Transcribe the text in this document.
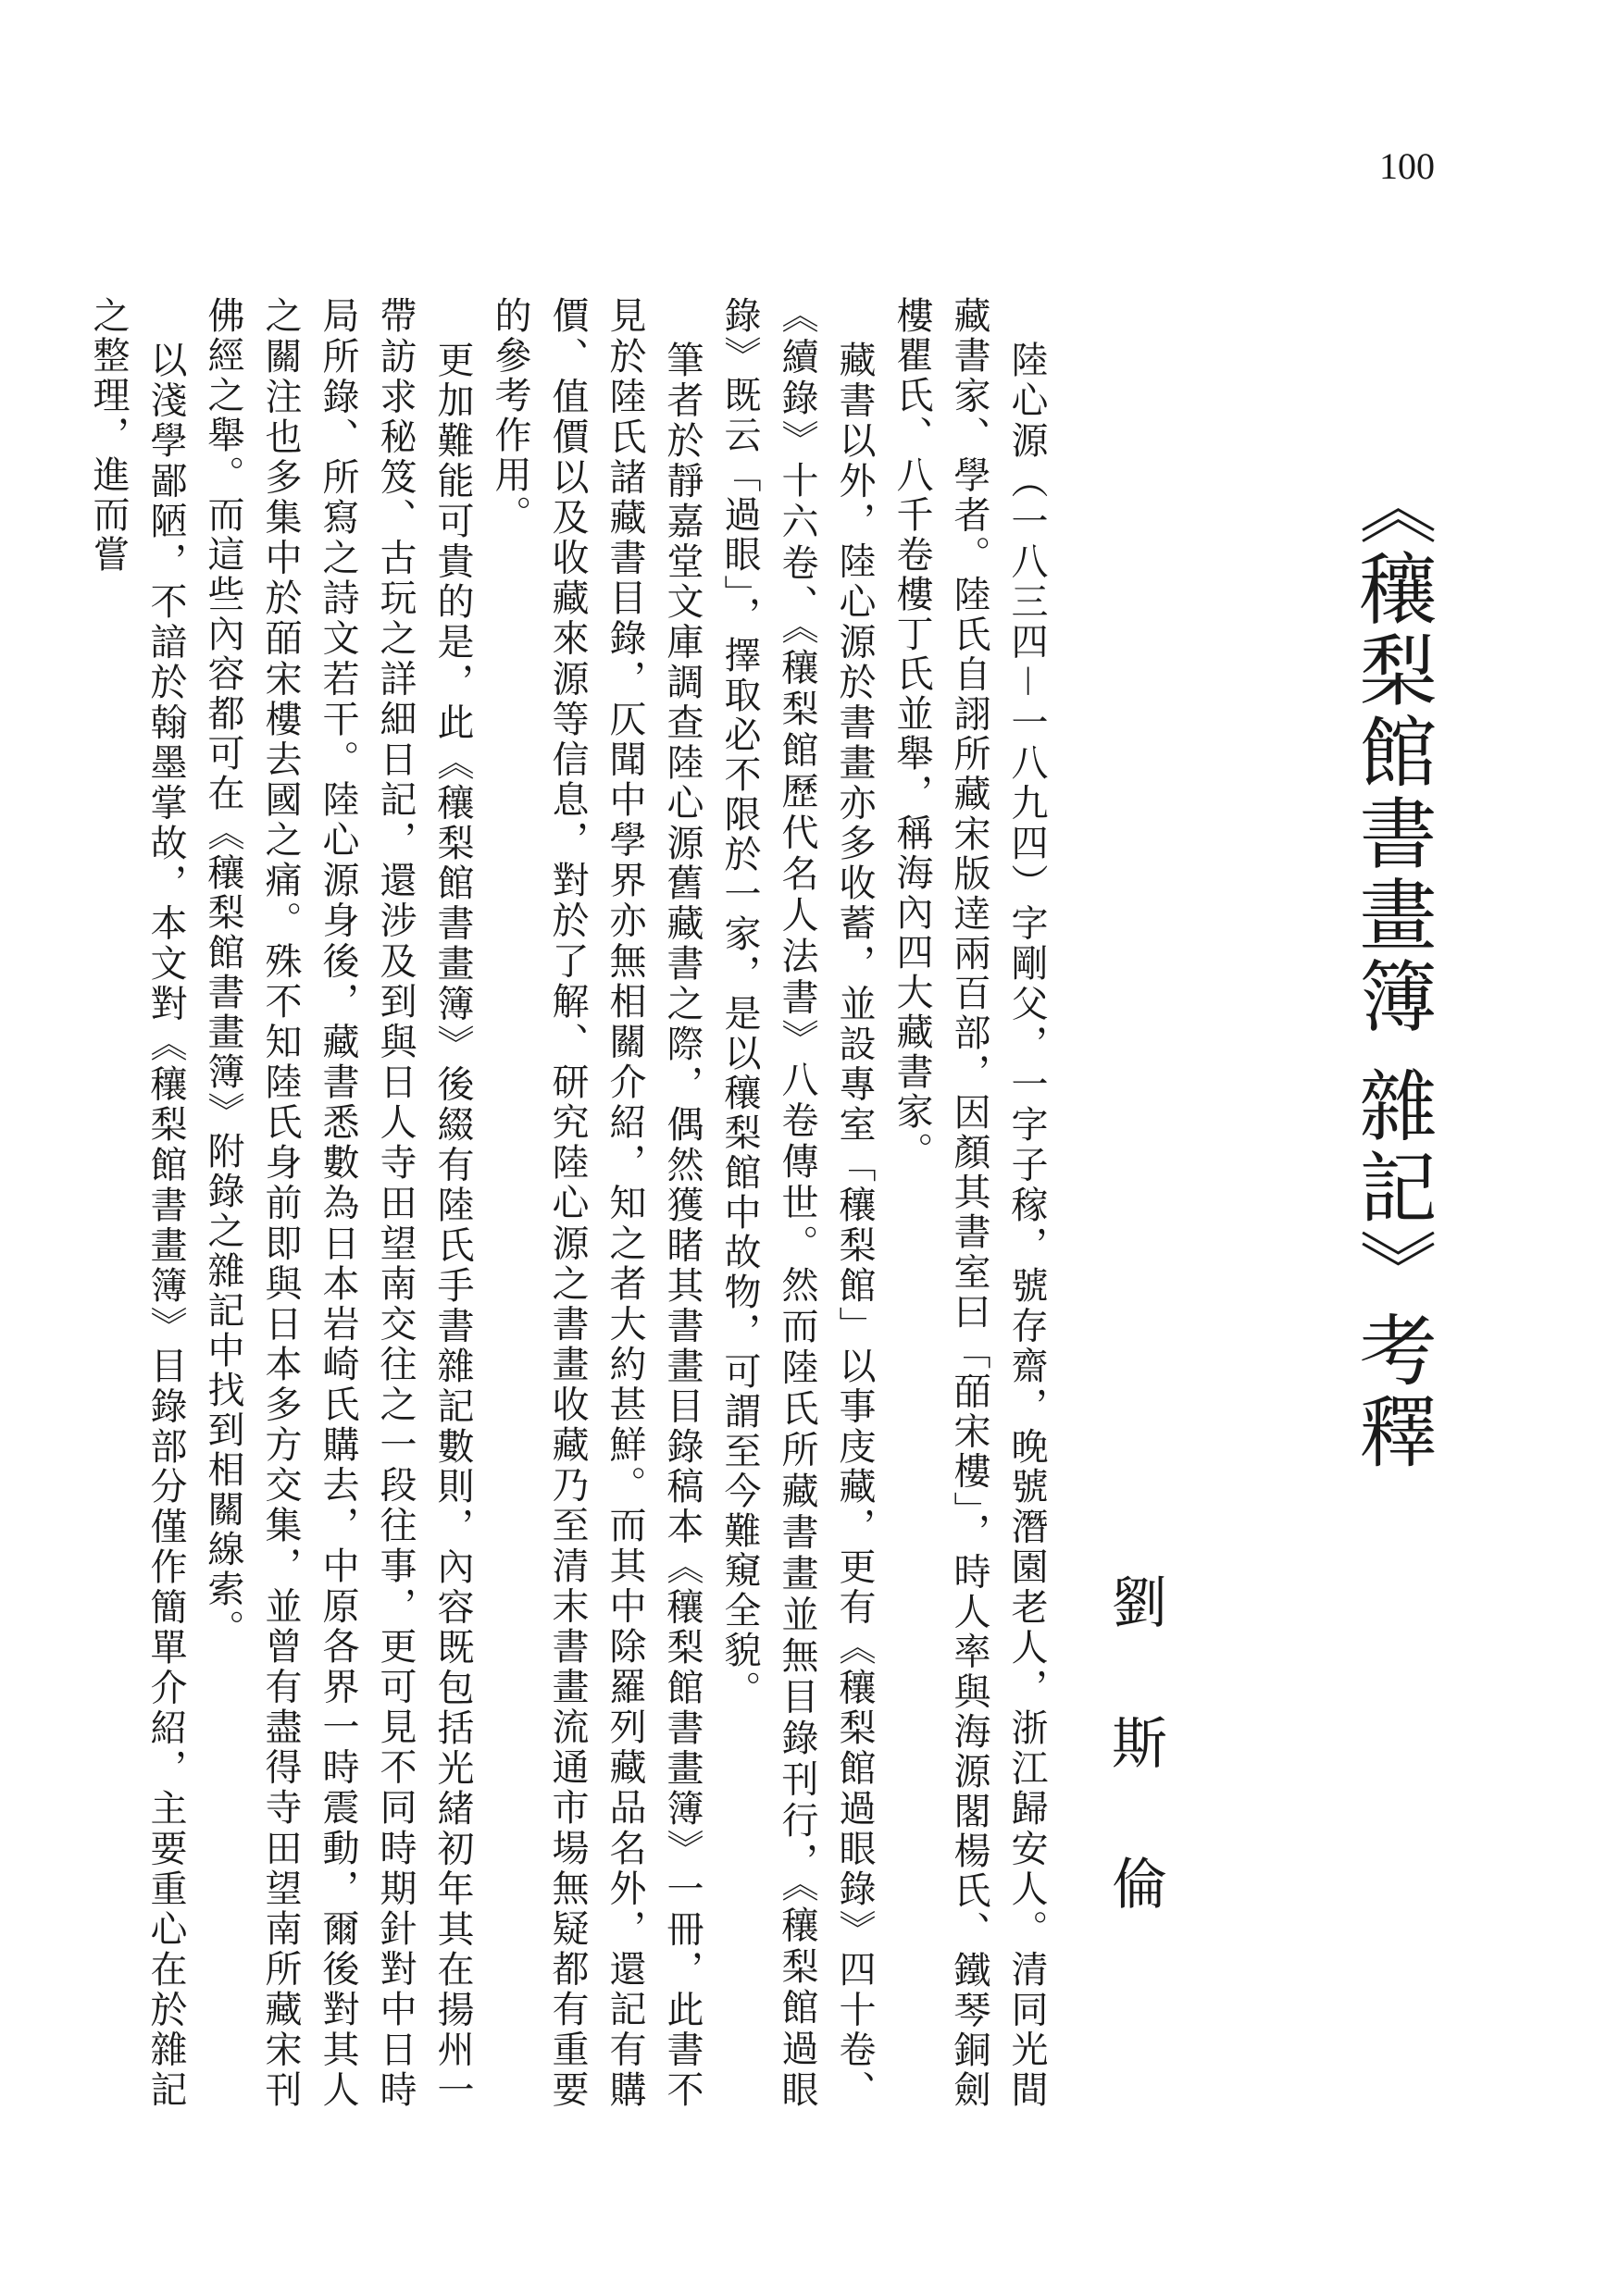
100
《穰梨館書畫簿 雜記》考釋
劉斯倫

陸心源（一八三四－一八九四）字剛父，一字子稼，號存齋，晚號潛園老人，浙江歸安人。清同光間藏書家、學者。陸氏自詡所藏宋版逹兩百部，因顏其書室曰「皕宋樓」，時人率與海源閣楊氏、鐵琴銅劍樓瞿氏、八千卷樓丁氏並舉，稱海內四大藏書家。

藏書以外，陸心源於書畫亦多收蓄，並設專室「穰梨館」以事庋藏，更有《穰梨館過眼錄》四十卷、《續錄》十六卷、《穰梨館歷代名人法書》八卷傳世。然而陸氏所藏書畫並無目錄刊行，《穰梨館過眼錄》既云「過眼」，擇取必不限於一家，是以穰梨館中故物，可謂至今難窺全貌。

筆者於靜嘉堂文庫調查陸心源舊藏書之際，偶然獲睹其書畫目錄稿本《穰梨館書畫簿》一冊，此書不見於陸氏諸藏書目錄，仄聞中學界亦無相關介紹，知之者大約甚鮮。而其中除羅列藏品名外，還記有購價、值價以及收藏來源等信息，對於了解、研究陸心源之書畫收藏乃至清末書畫流通市場無疑都有重要的參考作用。

更加難能可貴的是，此《穰梨館書畫簿》後綴有陸氏手書雜記數則，內容既包括光緒初年其在揚州一帶訪求秘笈、古玩之詳細日記，還涉及到與日人寺田望南交往之一段往事，更可見不同時期針對中日時局所錄、所寫之詩文若干。陸心源身後，藏書悉數為日本岩崎氏購去，中原各界一時震動，爾後對其人之關注也多集中於皕宋樓去國之痛。殊不知陸氏身前即與日本多方交集，並曾有盡得寺田望南所藏宋刊佛經之舉。而這些內容都可在《穰梨館書畫簿》附錄之雜記中找到相關線索。

以淺學鄙陋，不諳於翰墨掌故，本文對《穰梨館書畫簿》目錄部分僅作簡單介紹，主要重心在於雜記之整理，進而嘗
